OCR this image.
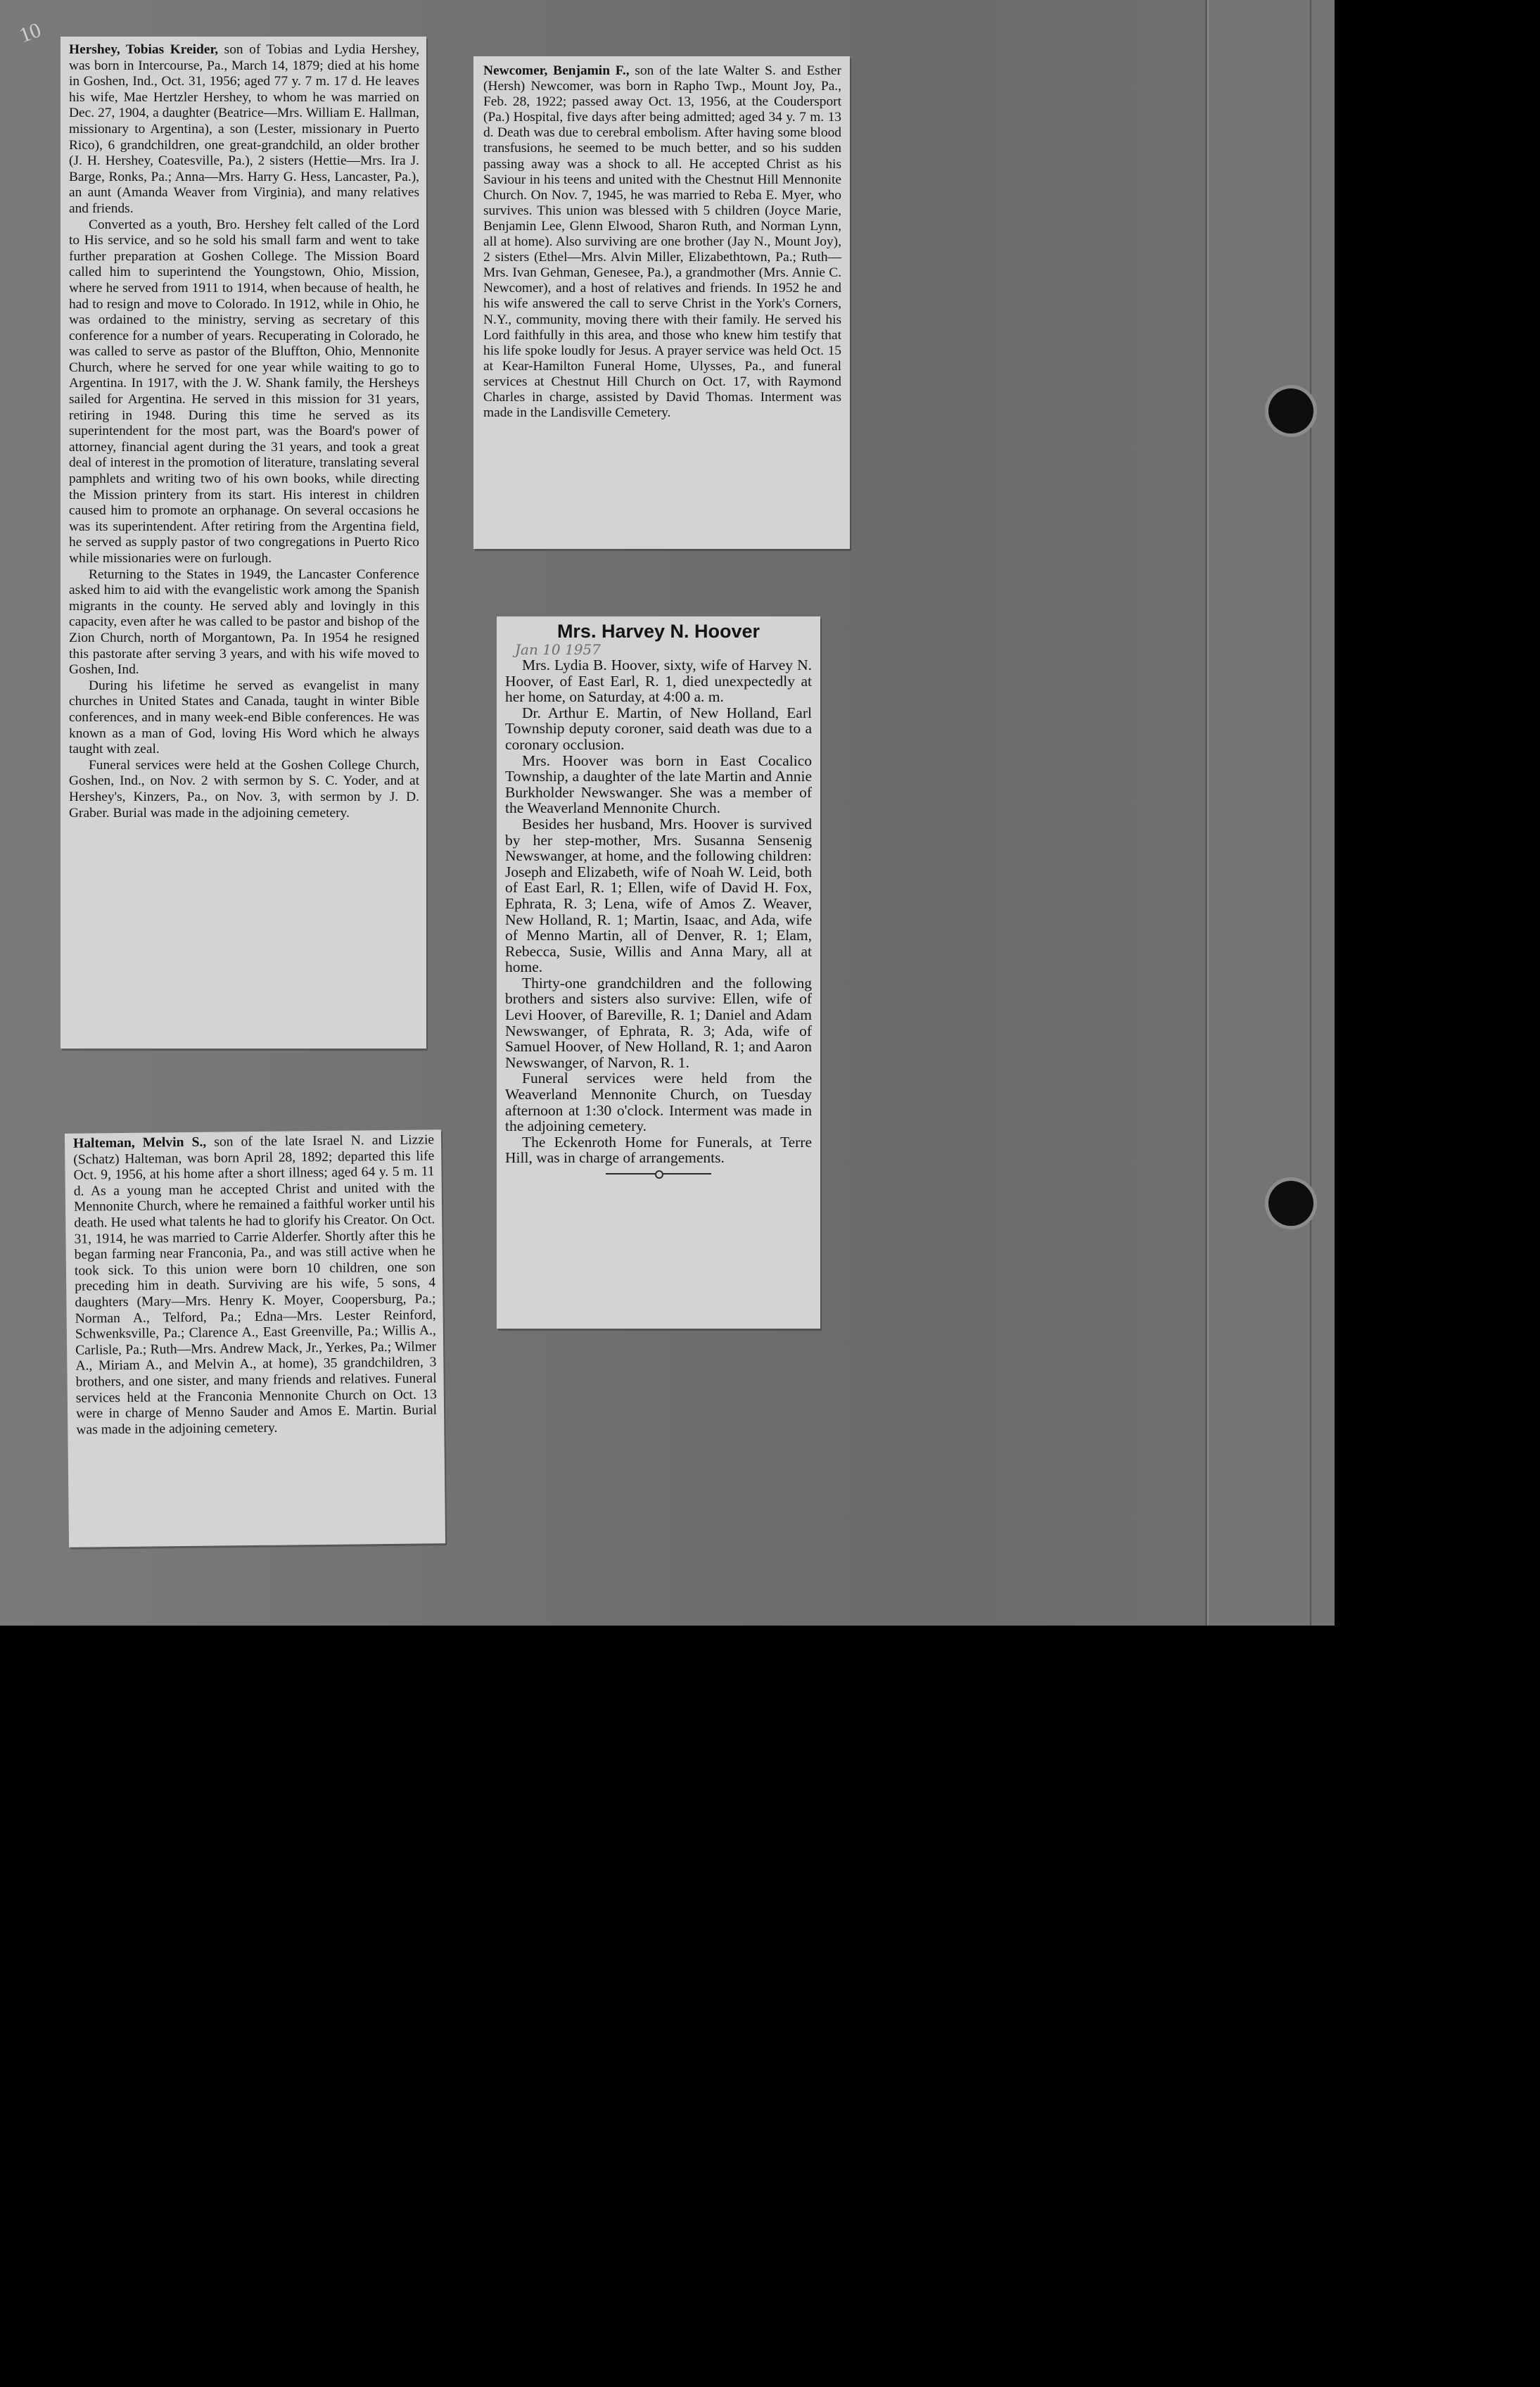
10

Hershey, Tobias Kreider, son of Tobias and Lydia Hershey, was born in Intercourse, Pa., March 14, 1879; died at his home in Goshen, Ind., Oct. 31, 1956; aged 77 y. 7 m. 17 d. He leaves his wife, Mae Hertzler Hershey, to whom he was married on Dec. 27, 1904, a daughter (Beatrice—Mrs. William E. Hallman, missionary to Argentina), a son (Lester, missionary in Puerto Rico), 6 grandchildren, one great-grandchild, an older brother (J. H. Hershey, Coatesville, Pa.), 2 sisters (Hettie—Mrs. Ira J. Barge, Ronks, Pa.; Anna—Mrs. Harry G. Hess, Lancaster, Pa.), an aunt (Amanda Weaver from Virginia), and many relatives and friends.

Converted as a youth, Bro. Hershey felt called of the Lord to His service, and so he sold his small farm and went to take further preparation at Goshen College. The Mission Board called him to superintend the Youngstown, Ohio, Mission, where he served from 1911 to 1914, when because of health, he had to resign and move to Colorado. In 1912, while in Ohio, he was ordained to the ministry, serving as secretary of this conference for a number of years. Recuperating in Colorado, he was called to serve as pastor of the Bluffton, Ohio, Mennonite Church, where he served for one year while waiting to go to Argentina. In 1917, with the J. W. Shank family, the Hersheys sailed for Argentina. He served in this mission for 31 years, retiring in 1948. During this time he served as its superintendent for the most part, was the Board's power of attorney, financial agent during the 31 years, and took a great deal of interest in the promotion of literature, translating several pamphlets and writing two of his own books, while directing the Mission printery from its start. His interest in children caused him to promote an orphanage. On several occasions he was its superintendent. After retiring from the Argentina field, he served as supply pastor of two congregations in Puerto Rico while missionaries were on furlough.

Returning to the States in 1949, the Lancaster Conference asked him to aid with the evangelistic work among the Spanish migrants in the county. He served ably and lovingly in this capacity, even after he was called to be pastor and bishop of the Zion Church, north of Morgantown, Pa. In 1954 he resigned this pastorate after serving 3 years, and with his wife moved to Goshen, Ind.

During his lifetime he served as evangelist in many churches in United States and Canada, taught in winter Bible conferences, and in many week-end Bible conferences. He was known as a man of God, loving His Word which he always taught with zeal.

Funeral services were held at the Goshen College Church, Goshen, Ind., on Nov. 2 with sermon by S. C. Yoder, and at Hershey's, Kinzers, Pa., on Nov. 3, with sermon by J. D. Graber. Burial was made in the adjoining cemetery.

Newcomer, Benjamin F., son of the late Walter S. and Esther (Hersh) Newcomer, was born in Rapho Twp., Mount Joy, Pa., Feb. 28, 1922; passed away Oct. 13, 1956, at the Coudersport (Pa.) Hospital, five days after being admitted; aged 34 y. 7 m. 13 d. Death was due to cerebral embolism. After having some blood transfusions, he seemed to be much better, and so his sudden passing away was a shock to all. He accepted Christ as his Saviour in his teens and united with the Chestnut Hill Mennonite Church. On Nov. 7, 1945, he was married to Reba E. Myer, who survives. This union was blessed with 5 children (Joyce Marie, Benjamin Lee, Glenn Elwood, Sharon Ruth, and Norman Lynn, all at home). Also surviving are one brother (Jay N., Mount Joy), 2 sisters (Ethel—Mrs. Alvin Miller, Elizabethtown, Pa.; Ruth—Mrs. Ivan Gehman, Genesee, Pa.), a grandmother (Mrs. Annie C. Newcomer), and a host of relatives and friends. In 1952 he and his wife answered the call to serve Christ in the York's Corners, N.Y., community, moving there with their family. He served his Lord faithfully in this area, and those who knew him testify that his life spoke loudly for Jesus. A prayer service was held Oct. 15 at Kear-Hamilton Funeral Home, Ulysses, Pa., and funeral services at Chestnut Hill Church on Oct. 17, with Raymond Charles in charge, assisted by David Thomas. Interment was made in the Landisville Cemetery.

Mrs. Harvey N. Hoover
Jan 10 1957

Mrs. Lydia B. Hoover, sixty, wife of Harvey N. Hoover, of East Earl, R. 1, died unexpectedly at her home, on Saturday, at 4:00 a. m.

Dr. Arthur E. Martin, of New Holland, Earl Township deputy coroner, said death was due to a coronary occlusion.

Mrs. Hoover was born in East Cocalico Township, a daughter of the late Martin and Annie Burkholder Newswanger. She was a member of the Weaverland Mennonite Church.

Besides her husband, Mrs. Hoover is survived by her step-mother, Mrs. Susanna Sensenig Newswanger, at home, and the following children: Joseph and Elizabeth, wife of Noah W. Leid, both of East Earl, R. 1; Ellen, wife of David H. Fox, Ephrata, R. 3; Lena, wife of Amos Z. Weaver, New Holland, R. 1; Martin, Isaac, and Ada, wife of Menno Martin, all of Denver, R. 1; Elam, Rebecca, Susie, Willis and Anna Mary, all at home.

Thirty-one grandchildren and the following brothers and sisters also survive: Ellen, wife of Levi Hoover, of Bareville, R. 1; Daniel and Adam Newswanger, of Ephrata, R. 3; Ada, wife of Samuel Hoover, of New Holland, R. 1; and Aaron Newswanger, of Narvon, R. 1.

Funeral services were held from the Weaverland Mennonite Church, on Tuesday afternoon at 1:30 o'clock. Interment was made in the adjoining cemetery.

The Eckenroth Home for Funerals, at Terre Hill, was in charge of arrangements.

Halteman, Melvin S., son of the late Israel N. and Lizzie (Schatz) Halteman, was born April 28, 1892; departed this life Oct. 9, 1956, at his home after a short illness; aged 64 y. 5 m. 11 d. As a young man he accepted Christ and united with the Mennonite Church, where he remained a faithful worker until his death. He used what talents he had to glorify his Creator. On Oct. 31, 1914, he was married to Carrie Alderfer. Shortly after this he began farming near Franconia, Pa., and was still active when he took sick. To this union were born 10 children, one son preceding him in death. Surviving are his wife, 5 sons, 4 daughters (Mary—Mrs. Henry K. Moyer, Coopersburg, Pa.; Norman A., Telford, Pa.; Edna—Mrs. Lester Reinford, Schwenksville, Pa.; Clarence A., East Greenville, Pa.; Willis A., Carlisle, Pa.; Ruth—Mrs. Andrew Mack, Jr., Yerkes, Pa.; Wilmer A., Miriam A., and Melvin A., at home), 35 grandchildren, 3 brothers, and one sister, and many friends and relatives. Funeral services held at the Franconia Mennonite Church on Oct. 13 were in charge of Menno Sauder and Amos E. Martin. Burial was made in the adjoining cemetery.
